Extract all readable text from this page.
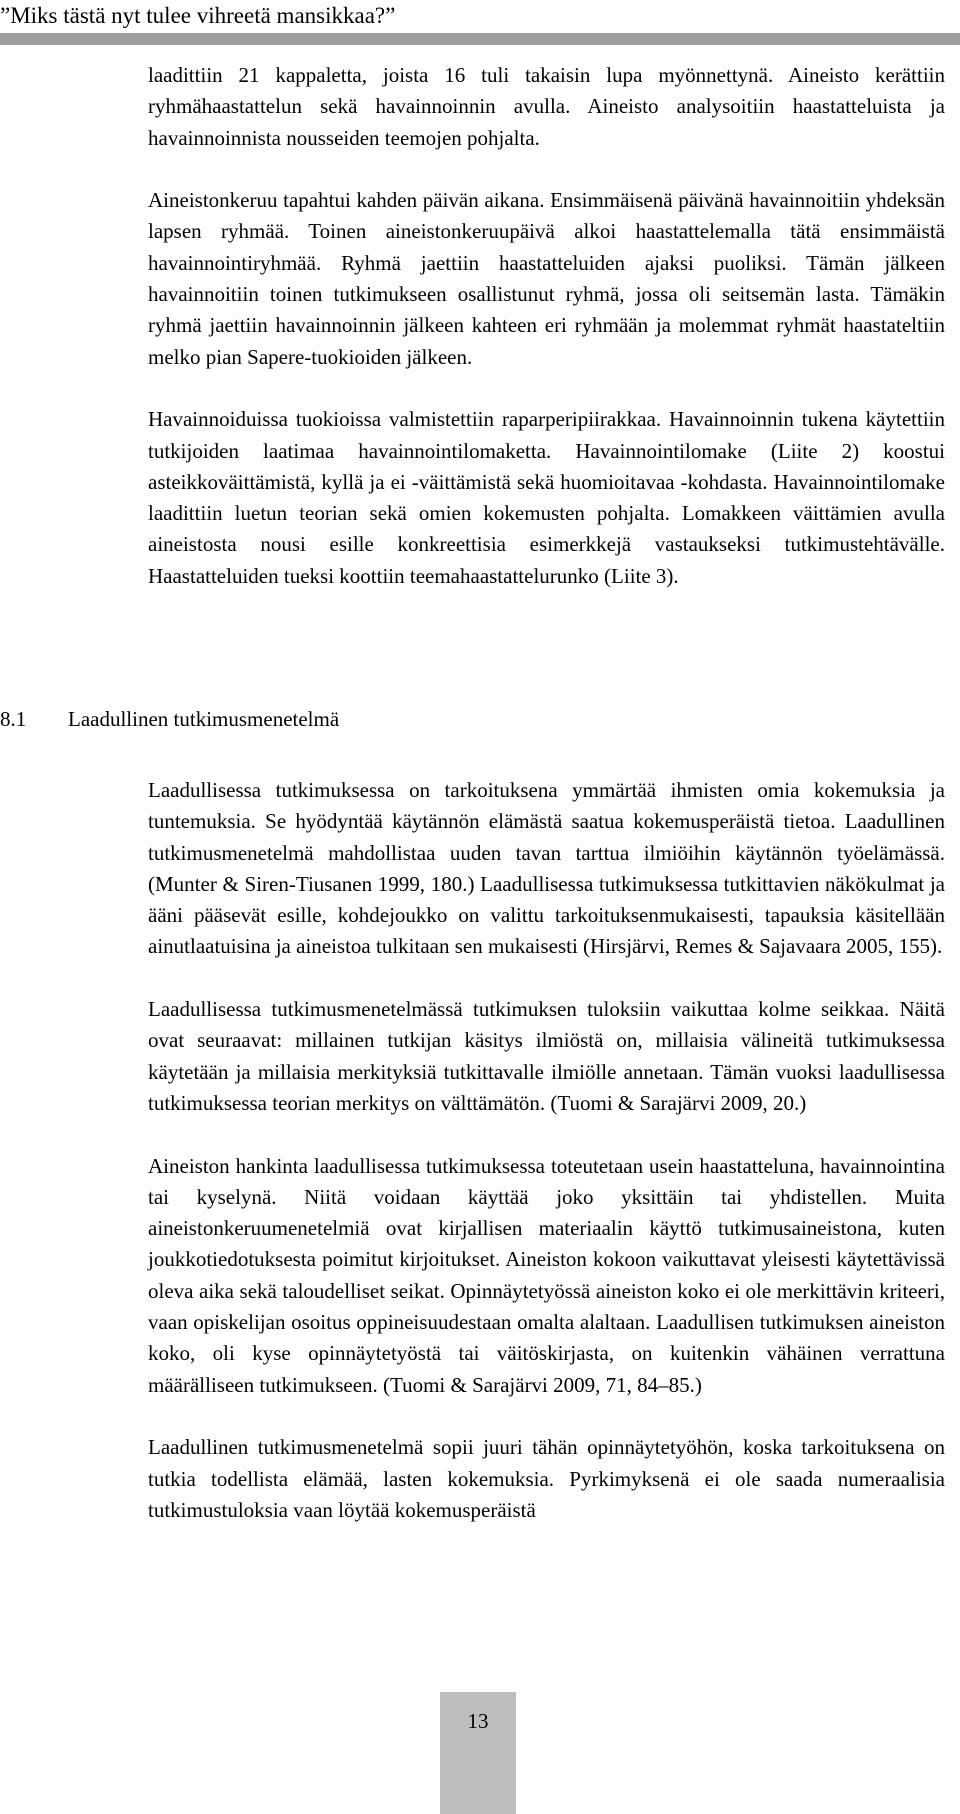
”Miks tästä nyt tulee vihreetä mansikkaa?”

laadittiin 21 kappaletta, joista 16 tuli takaisin lupa myönnettynä. Aineisto kerättiin ryhmähaastattelun sekä havainnoinnin avulla. Aineisto analysoitiin haastatteluista ja havainnoinnista nousseiden teemojen pohjalta.

Aineistonkeruu tapahtui kahden päivän aikana. Ensimmäisenä päivänä havainnoitiin yhdeksän lapsen ryhmää. Toinen aineistonkeruupäivä alkoi haastattelemalla tätä ensimmäistä havainnointiryhmää. Ryhmä jaettiin haastatteluiden ajaksi puoliksi. Tämän jälkeen havainnoitiin toinen tutkimukseen osallistunut ryhmä, jossa oli seitsemän lasta. Tämäkin ryhmä jaettiin havainnoinnin jälkeen kahteen eri ryhmään ja molemmat ryhmät haastateltiin melko pian Sapere-tuokioiden jälkeen.

Havainnoiduissa tuokioissa valmistettiin raparperipiirakkaa. Havainnoinnin tukena käytettiin tutkijoiden laatimaa havainnointilomaketta. Havainnointilomake (Liite 2) koostui asteikkoväittämistä, kyllä ja ei -väittämistä sekä huomioitavaa -kohdasta. Havainnointilomake laadittiin luetun teorian sekä omien kokemusten pohjalta. Lomakkeen väittämien avulla aineistosta nousi esille konkreettisia esimerkkejä vastaukseksi tutkimustehtävälle. Haastatteluiden tueksi koottiin teemahaastattelurunko (Liite 3).

8.1 Laadullinen tutkimusmenetelmä

Laadullisessa tutkimuksessa on tarkoituksena ymmärtää ihmisten omia kokemuksia ja tuntemuksia. Se hyödyntää käytännön elämästä saatua kokemusperäistä tietoa. Laadullinen tutkimusmenetelmä mahdollistaa uuden tavan tarttua ilmiöihin käytännön työelämässä. (Munter & Siren-Tiusanen 1999, 180.) Laadullisessa tutkimuksessa tutkittavien näkökulmat ja ääni pääsevät esille, kohdejoukko on valittu tarkoituksenmukaisesti, tapauksia käsitellään ainutlaatuisina ja aineistoa tulkitaan sen mukaisesti (Hirsjärvi, Remes & Sajavaara 2005, 155).

Laadullisessa tutkimusmenetelmässä tutkimuksen tuloksiin vaikuttaa kolme seikkaa. Näitä ovat seuraavat: millainen tutkijan käsitys ilmiöstä on, millaisia välineitä tutkimuksessa käytetään ja millaisia merkityksiä tutkittavalle ilmiölle annetaan. Tämän vuoksi laadullisessa tutkimuksessa teorian merkitys on välttämätön. (Tuomi & Sarajärvi 2009, 20.)

Aineiston hankinta laadullisessa tutkimuksessa toteutetaan usein haastatteluna, havainnointina tai kyselynä. Niitä voidaan käyttää joko yksittäin tai yhdistellen. Muita aineistonkeruumenetelmiä ovat kirjallisen materiaalin käyttö tutkimusaineistona, kuten joukkotiedotuksesta poimitut kirjoitukset. Aineiston kokoon vaikuttavat yleisesti käytettävissä oleva aika sekä taloudelliset seikat. Opinnäytetyössä aineiston koko ei ole merkittävin kriteeri, vaan opiskelijan osoitus oppineisuudestaan omalta alaltaan. Laadullisen tutkimuksen aineiston koko, oli kyse opinnäytetyöstä tai väitöskirjasta, on kuitenkin vähäinen verrattuna määrälliseen tutkimukseen. (Tuomi & Sarajärvi 2009, 71, 84–85.)

Laadullinen tutkimusmenetelmä sopii juuri tähän opinnäytetyöhön, koska tarkoituksena on tutkia todellista elämää, lasten kokemuksia. Pyrkimyksenä ei ole saada numeraalisia tutkimustuloksia vaan löytää kokemusperäistä

13
